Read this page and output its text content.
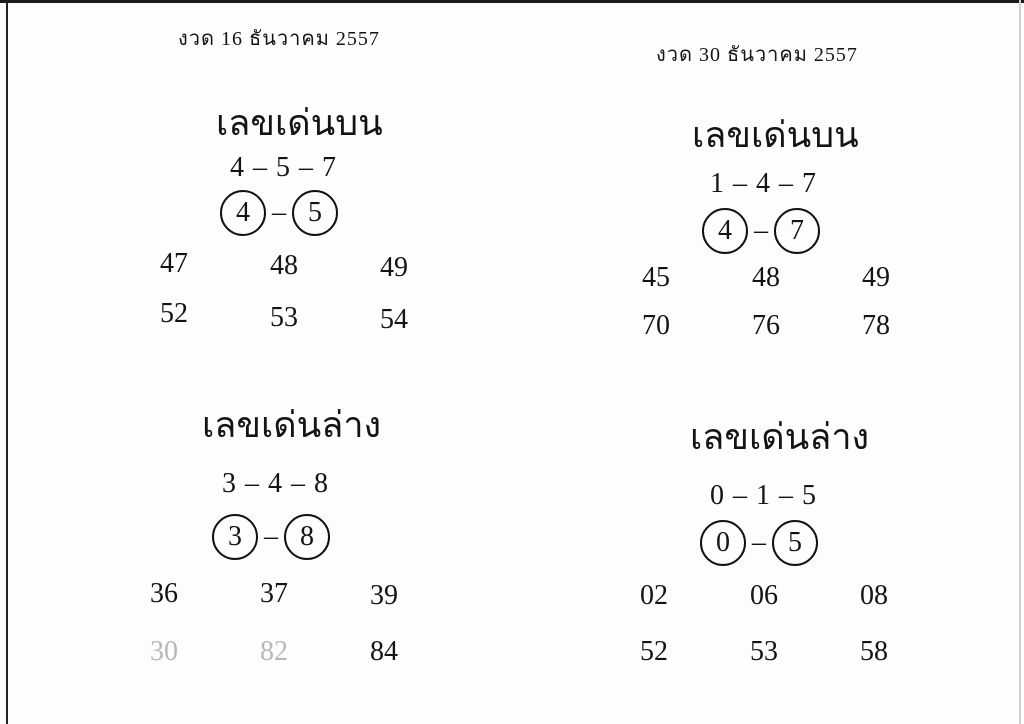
งวด 16 ธันวาคม 2557
เลขเด่นบน
4 – 5 – 7
4 – 5
47	48	49
52	53	54
เลขเด่นล่าง
3 – 4 – 8
3 – 8
36	37	39
30	82	84
งวด 30 ธันวาคม 2557
เลขเด่นบน
1 – 4 – 7
4 – 7
45	48	49
70	76	78
เลขเด่นล่าง
0 – 1 – 5
0 – 5
02	06	08
52	53	58
